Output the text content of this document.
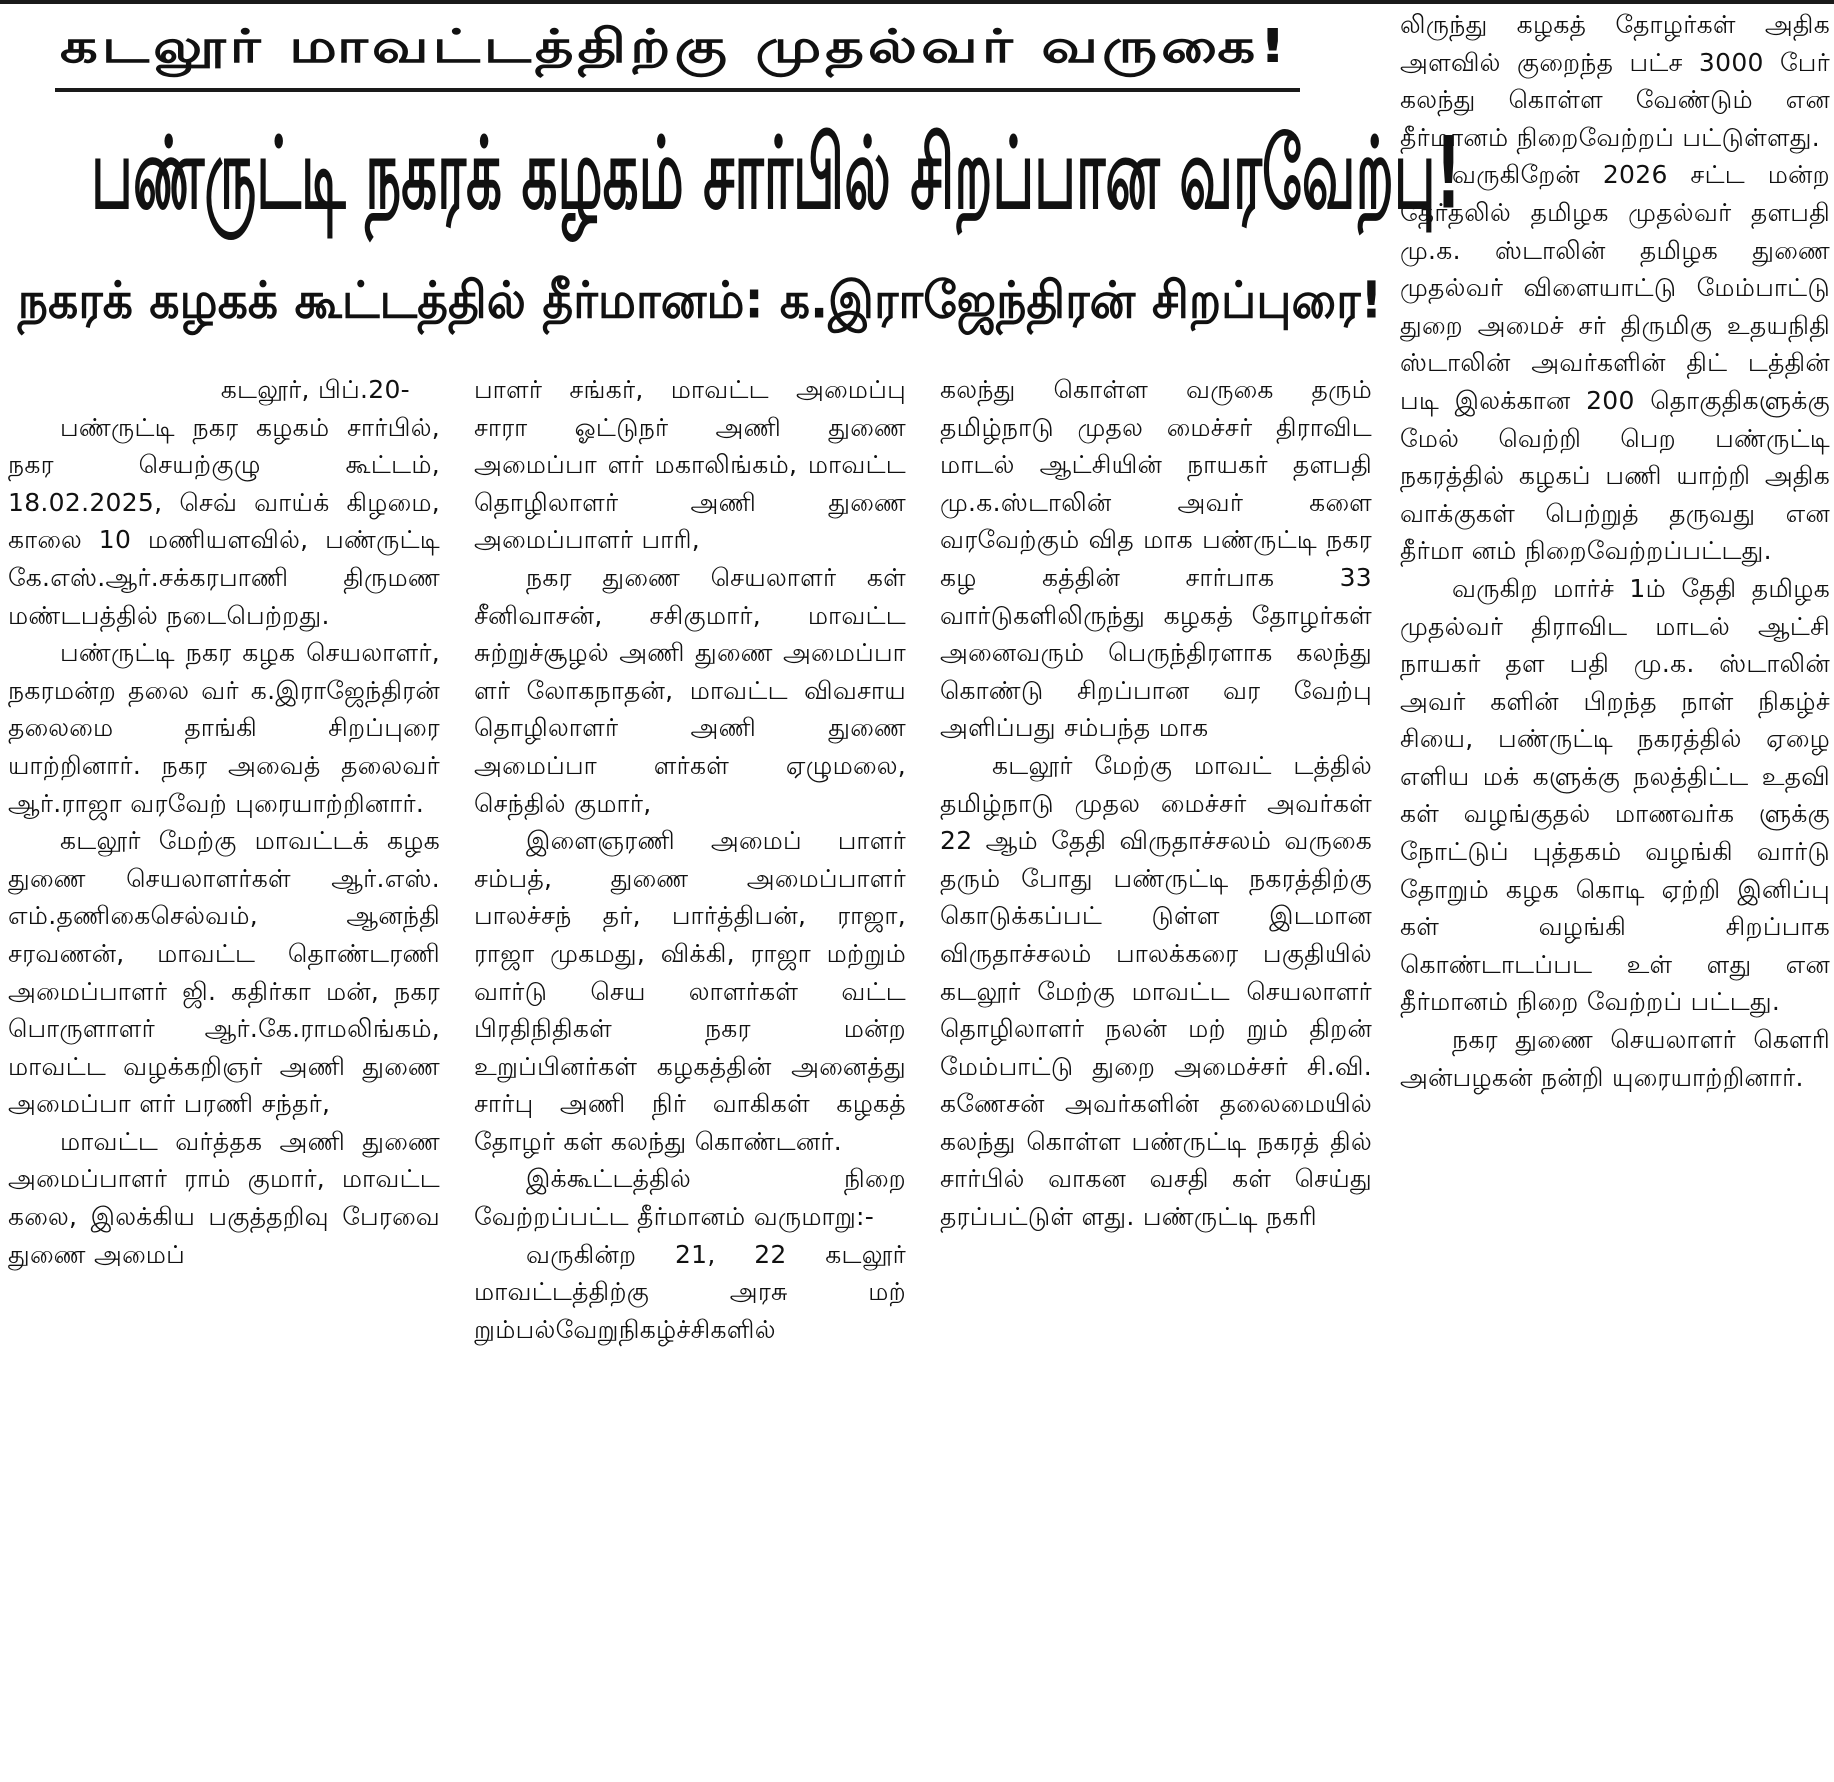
கடலூர் மாவட்டத்திற்கு முதல்வர் வருகை!
பண்ருட்டி நகரக் கழகம் சார்பில் சிறப்பான வரவேற்பு!
நகரக் கழகக் கூட்டத்தில் தீர்மானம்: க.இராஜேந்திரன் சிறப்புரை!

கடலூர், பிப்.20-

பண்ருட்டி நகர கழகம் சார்பில், நகர செயற்குழு கூட்டம், 18.02.2025, செவ் வாய்க் கிழமை, காலை 10 மணியளவில், பண்ருட்டி கே.எஸ்.ஆர்.சக்கரபாணி திருமண மண்டபத்தில் நடைபெற்றது.

பண்ருட்டி நகர கழக செயலாளர், நகரமன்ற தலை வர் க.இராஜேந்திரன் தலைமை தாங்கி சிறப்புரை யாற்றினார். நகர அவைத் தலைவர் ஆர்.ராஜா வரவேற் புரையாற்றினார்.

கடலூர் மேற்கு மாவட்டக் கழக துணை செயலாளர்கள் ஆர்.எஸ். எம்.தணிகைசெல்வம், ஆனந்தி சரவணன், மாவட்ட தொண்டரணி அமைப்பாளர் ஜி. கதிர்கா மன், நகர பொருளாளர் ஆர்.கே.ராமலிங்கம், மாவட்ட வழக்கறிஞர் அணி துணை அமைப்பா ளர் பரணி சந்தர்,

மாவட்ட வர்த்தக அணி துணை அமைப்பாளர் ராம் குமார், மாவட்ட கலை, இலக்கிய பகுத்தறிவு பேரவை துணை அமைப்

பாளர் சங்கர், மாவட்ட அமைப்பு சாரா ஓட்டுநர் அணி துணை அமைப்பா ளர் மகாலிங்கம், மாவட்ட தொழிலாளர் அணி துணை அமைப்பாளர் பாரி,

நகர துணை செயலாளர் கள் சீனிவாசன், சசிகுமார், மாவட்ட சுற்றுச்சூழல் அணி துணை அமைப்பா ளர் லோகநாதன், மாவட்ட விவசாய தொழிலாளர் அணி துணை அமைப்பா ளர்கள் ஏழுமலை, செந்தில் குமார்,

இளைஞரணி அமைப் பாளர் சம்பத், துணை அமைப்பாளர் பாலச்சந் தர், பார்த்திபன், ராஜா, ராஜா முகமது, விக்கி, ராஜா மற்றும் வார்டு செய லாளர்கள் வட்ட பிரதிநிதிகள் நகர மன்ற உறுப்பினர்கள் கழகத்தின் அனைத்து சார்பு அணி நிர் வாகிகள் கழகத் தோழர் கள் கலந்து கொண்டனர்.

இக்கூட்டத்தில் நிறை வேற்றப்பட்ட தீர்மானம் வருமாறு:-

வருகின்ற 21, 22 கடலூர் மாவட்டத்திற்கு அரசு மற் றும்பல்வேறுநிகழ்ச்சிகளில்

கலந்து கொள்ள வருகை தரும் தமிழ்நாடு முதல மைச்சர் திராவிட மாடல் ஆட்சியின் நாயகர் தளபதி மு.க.ஸ்டாலின் அவர் களை வரவேற்கும் வித மாக பண்ருட்டி நகர கழ கத்தின் சார்பாக 33 வார்டுகளிலிருந்து கழகத் தோழர்கள் அனைவரும் பெருந்திரளாக கலந்து கொண்டு சிறப்பான வர வேற்பு அளிப்பது சம்பந்த மாக

கடலூர் மேற்கு மாவட் டத்தில் தமிழ்நாடு முதல மைச்சர் அவர்கள் 22 ஆம் தேதி விருதாச்சலம் வருகை தரும் போது பண்ருட்டி நகரத்திற்கு கொடுக்கப்பட் டுள்ள இடமான விருதாச்சலம் பாலக்கரை பகுதியில் கடலூர் மேற்கு மாவட்ட செயலாளர் தொழிலாளர் நலன் மற் றும் திறன் மேம்பாட்டு துறை அமைச்சர் சி.வி. கணேசன் அவர்களின் தலைமையில் கலந்து கொள்ள பண்ருட்டி நகரத் தில் சார்பில் வாகன வசதி கள் செய்து தரப்பட்டுள் ளது. பண்ருட்டி நகரி

லிருந்து கழகத் தோழர்கள் அதிக அளவில் குறைந்த பட்ச 3000 பேர் கலந்து கொள்ள வேண்டும் என தீர்மானம் நிறைவேற்றப் பட்டுள்ளது.

வருகிறேன் 2026 சட்ட மன்ற தேர்தலில் தமிழக முதல்வர் தளபதி மு.க. ஸ்டாலின் தமிழக துணை முதல்வர் விளையாட்டு மேம்பாட்டு துறை அமைச் சர் திருமிகு உதயநிதி ஸ்டாலின் அவர்களின் திட் டத்தின் படி இலக்கான 200 தொகுதிகளுக்கு மேல் வெற்றி பெற பண்ருட்டி நகரத்தில் கழகப் பணி யாற்றி அதிக வாக்குகள் பெற்றுத் தருவது என தீர்மா னம் நிறைவேற்றப்பட்டது.

வருகிற மார்ச் 1ம் தேதி தமிழக முதல்வர் திராவிட மாடல் ஆட்சி நாயகர் தள பதி மு.க. ஸ்டாலின் அவர் களின் பிறந்த நாள் நிகழ்ச் சியை, பண்ருட்டி நகரத்தில் ஏழை எளிய மக் களுக்கு நலத்திட்ட உதவி கள் வழங்குதல் மாணவர்க ளுக்கு நோட்டுப் புத்தகம் வழங்கி வார்டு தோறும் கழக கொடி ஏற்றி இனிப்பு கள் வழங்கி சிறப்பாக கொண்டாடப்பட உள் ளது என தீர்மானம் நிறை வேற்றப் பட்டது.

நகர துணை செயலாளர் கௌரி அன்பழகன் நன்றி யுரையாற்றினார்.
